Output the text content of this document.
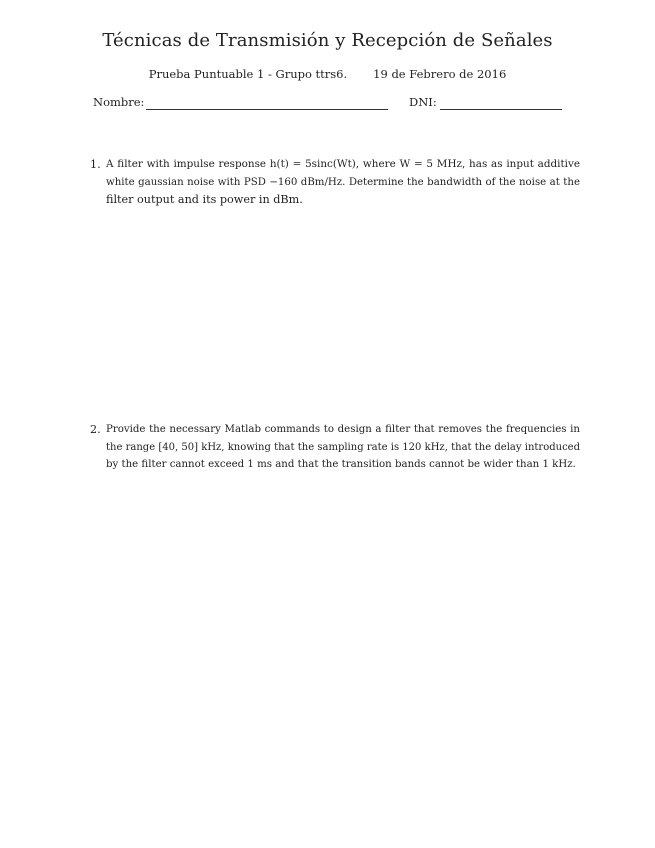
Técnicas de Transmisión y Recepción de Señales
Prueba Puntuable 1 - Grupo ttrs6. 19 de Febrero de 2016
Nombre:	DNI:
1. A filter with impulse response h(t) = 5sinc(Wt), where W = 5 MHz, has as input additive
white gaussian noise with PSD −160 dBm/Hz. Determine the bandwidth of the noise at the
filter output and its power in dBm.
2. Provide the necessary Matlab commands to design a filter that removes the frequencies in
the range [40, 50] kHz, knowing that the sampling rate is 120 kHz, that the delay introduced
by the filter cannot exceed 1 ms and that the transition bands cannot be wider than 1 kHz.
